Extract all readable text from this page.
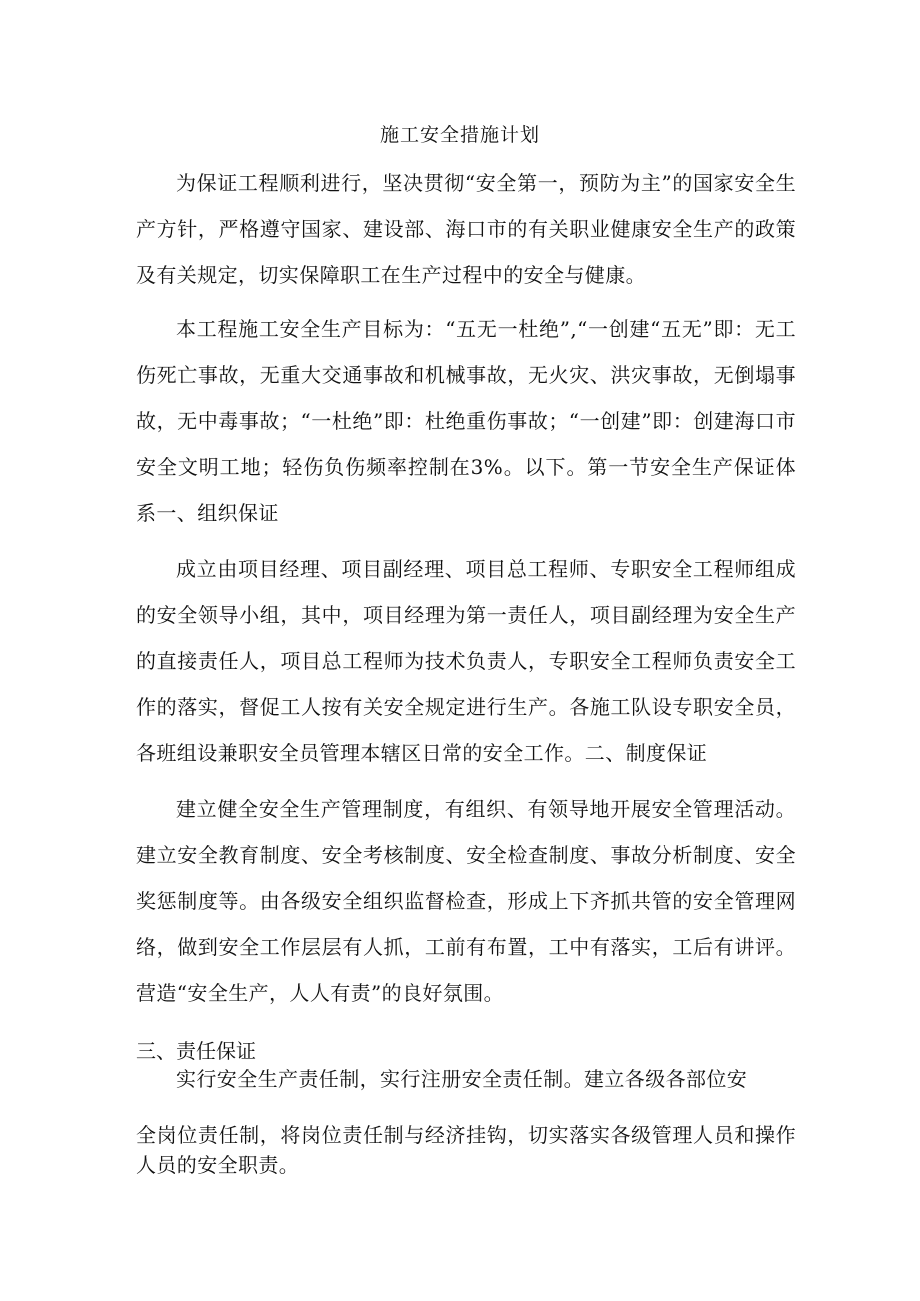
施工安全措施计划

为保证工程顺利进行，坚决贯彻“安全第一，预防为主”的国家安全生产方针，严格遵守国家、建设部、海口市的有关职业健康安全生产的政策及有关规定，切实保障职工在生产过程中的安全与健康。

本工程施工安全生产目标为：“五无一杜绝”,“一创建“五无”即：无工伤死亡事故，无重大交通事故和机械事故，无火灾、洪灾事故，无倒塌事故，无中毒事故；“一杜绝”即：杜绝重伤事故；“一创建”即：创建海口市安全文明工地；轻伤负伤频率控制在3%。以下。第一节安全生产保证体系一、组织保证

成立由项目经理、项目副经理、项目总工程师、专职安全工程师组成的安全领导小组，其中，项目经理为第一责任人，项目副经理为安全生产的直接责任人，项目总工程师为技术负责人，专职安全工程师负责安全工作的落实，督促工人按有关安全规定进行生产。各施工队设专职安全员，各班组设兼职安全员管理本辖区日常的安全工作。二、制度保证

建立健全安全生产管理制度，有组织、有领导地开展安全管理活动。建立安全教育制度、安全考核制度、安全检查制度、事故分析制度、安全奖惩制度等。由各级安全组织监督检查，形成上下齐抓共管的安全管理网络，做到安全工作层层有人抓，工前有布置，工中有落实，工后有讲评。营造“安全生产，人人有责”的良好氛围。

三、责任保证
实行安全生产责任制，实行注册安全责任制。建立各级各部位安
全岗位责任制，将岗位责任制与经济挂钩，切实落实各级管理人员和操作人员的安全职责。
